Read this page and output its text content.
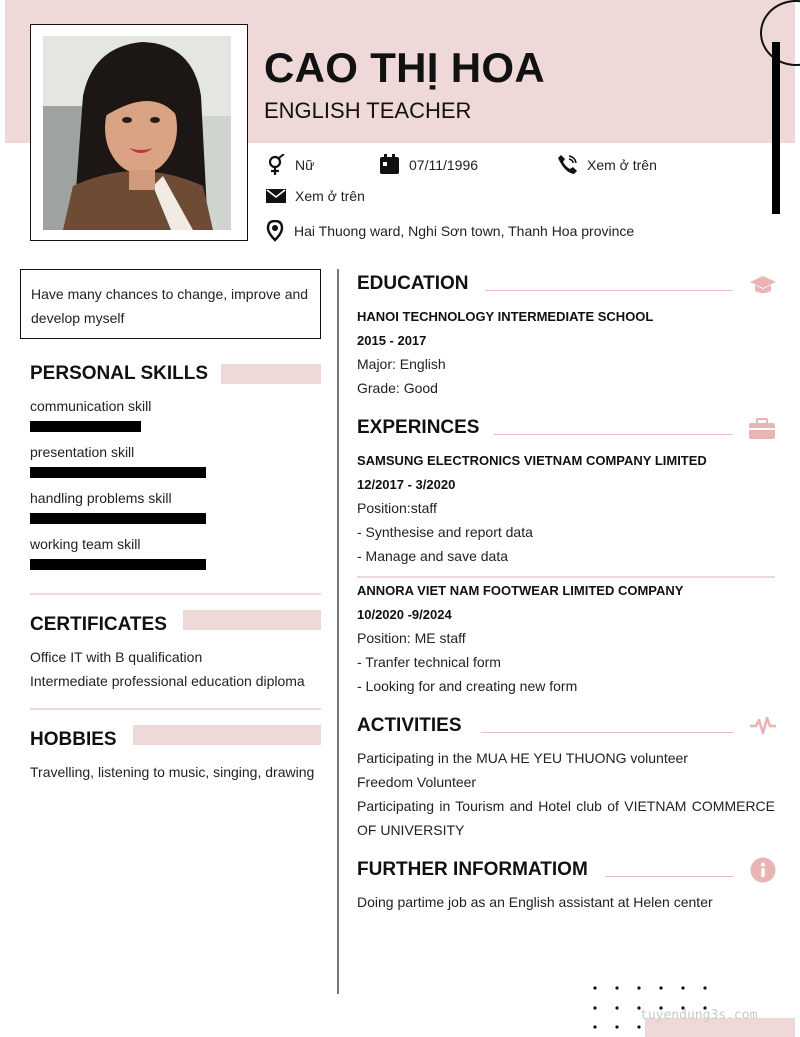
CAO THỊ HOA
ENGLISH TEACHER
Nữ	07/11/1996	Xem ở trên
Xem ở trên
Hai Thuong ward, Nghi Sơn town, Thanh Hoa province
Have many chances to change, improve and develop myself
PERSONAL SKILLS
communication skill
presentation skill
handling problems skill
working team skill
CERTIFICATES
Office IT with B qualification
Intermediate professional education diploma
HOBBIES
Travelling, listening to music, singing, drawing
EDUCATION
HANOI TECHNOLOGY INTERMEDIATE SCHOOL
2015 - 2017
Major: English
Grade: Good
EXPERINCES
SAMSUNG ELECTRONICS VIETNAM COMPANY LIMITED
12/2017 - 3/2020
Position:staff
- Synthesise and report data
- Manage and save data
ANNORA VIET NAM FOOTWEAR LIMITED COMPANY
10/2020 -9/2024
Position: ME staff
- Tranfer technical form
- Looking for and creating new form
ACTIVITIES
Participating in the MUA HE YEU THUONG volunteer
Freedom Volunteer
Participating in Tourism and Hotel club of VIETNAM COMMERCE OF UNIVERSITY
FURTHER INFORMATIOM
Doing partime job as an English assistant at Helen center
tuyendung3s.com
